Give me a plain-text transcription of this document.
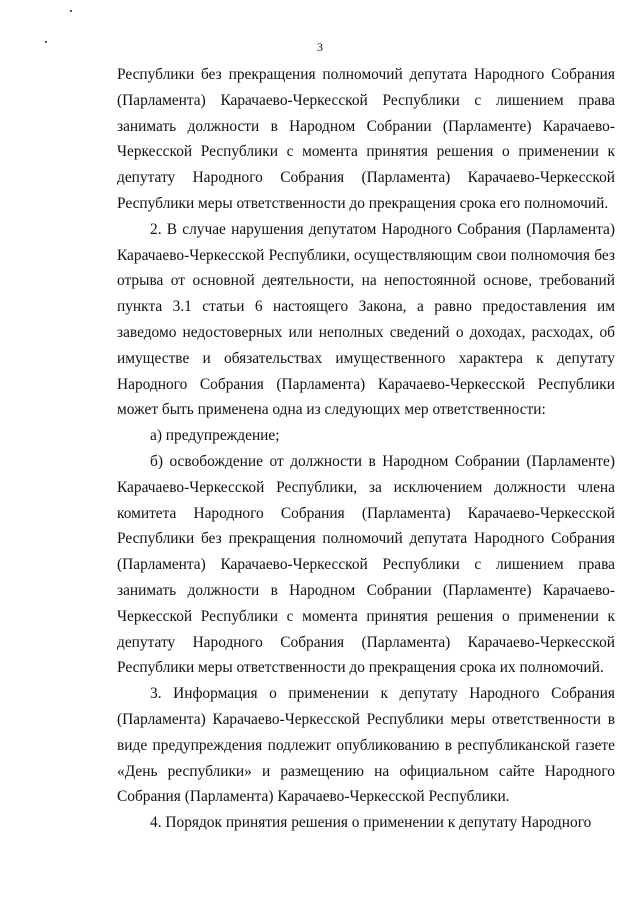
3

Республики без прекращения полномочий депутата Народного Собрания (Парламента) Карачаево-Черкесской Республики с лишением права занимать должности в Народном Собрании (Парламенте) Карачаево-Черкесской Республики с момента принятия решения о применении к депутату Народного Собрания (Парламента) Карачаево-Черкесской Республики меры ответственности до прекращения срока его полномочий.

2. В случае нарушения депутатом Народного Собрания (Парламента) Карачаево-Черкесской Республики, осуществляющим свои полномочия без отрыва от основной деятельности, на непостоянной основе, требований пункта 3.1 статьи 6 настоящего Закона, а равно предоставления им заведомо недостоверных или неполных сведений о доходах, расходах, об имуществе и обязательствах имущественного характера к депутату Народного Собрания (Парламента) Карачаево-Черкесской Республики может быть применена одна из следующих мер ответственности:

а) предупреждение;

б) освобождение от должности в Народном Собрании (Парламенте) Карачаево-Черкесской Республики, за исключением должности члена комитета Народного Собрания (Парламента) Карачаево-Черкесской Республики без прекращения полномочий депутата Народного Собрания (Парламента) Карачаево-Черкесской Республики с лишением права занимать должности в Народном Собрании (Парламенте) Карачаево-Черкесской Республики с момента принятия решения о применении к депутату Народного Собрания (Парламента) Карачаево-Черкесской Республики меры ответственности до прекращения срока их полномочий.

3. Информация о применении к депутату Народного Собрания (Парламента) Карачаево-Черкесской Республики меры ответственности в виде предупреждения подлежит опубликованию в республиканской газете «День республики» и размещению на официальном сайте Народного Собрания (Парламента) Карачаево-Черкесской Республики.

4. Порядок принятия решения о применении к депутату Народного
